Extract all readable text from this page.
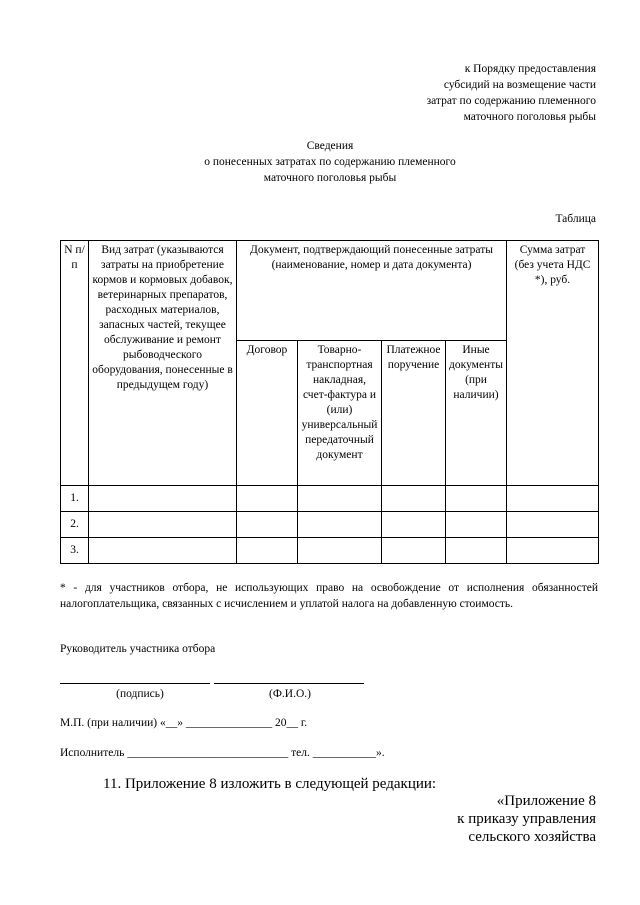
к Порядку предоставления
субсидий на возмещение части
затрат по содержанию племенного
маточного поголовья рыбы
Сведения
о понесенных затратах по содержанию племенного
маточного поголовья рыбы
Таблица
N п/п	Вид затрат (указываются затраты на приобретение кормов и кормовых добавок, ветеринарных препаратов, расходных материалов, запасных частей, текущее обслуживание и ремонт рыбоводческого оборудования, понесенные в предыдущем году)	Документ, подтверждающий понесенные затраты (наименование, номер и дата документа)				Сумма затрат (без учета НДС *), руб.
		Договор	Товарно-транспортная накладная, счет-фактура и (или) универсальный передаточный документ	Платежное поручение	Иные документы (при наличии)	
1.						
2.						
3.						
* - для участников отбора, не использующих право на освобождение от исполнения обязанностей налогоплательщика, связанных с исчислением и уплатой налога на добавленную стоимость.
Руководитель участника отбора
(подпись)	(Ф.И.О.)
М.П. (при наличии) «__» _______________ 20__ г.
Исполнитель ____________________________ тел. ___________».
11. Приложение 8 изложить в следующей редакции:
«Приложение 8
к приказу управления
сельского хозяйства
